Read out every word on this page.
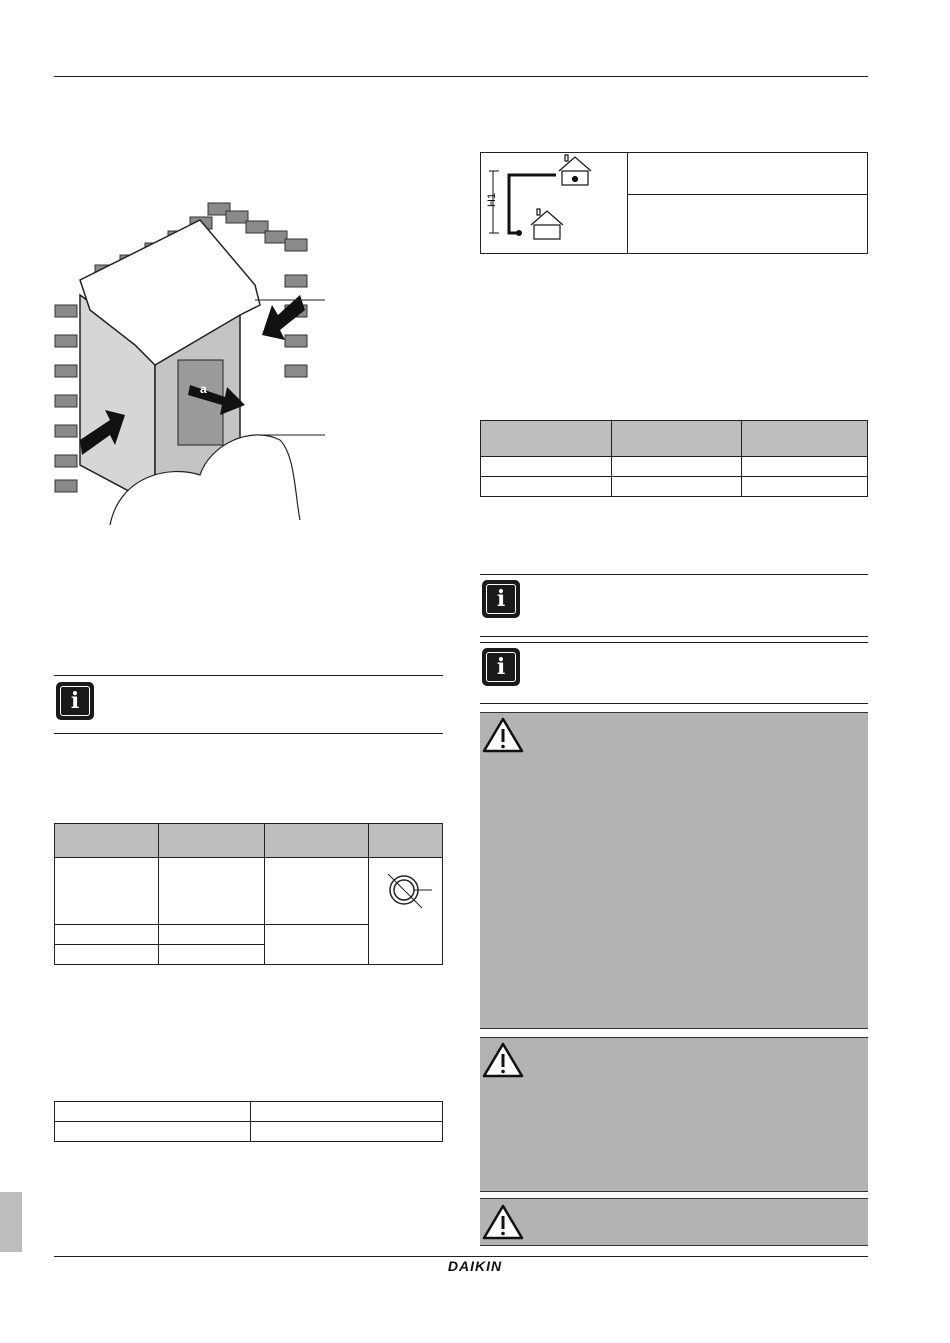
a
i

H1

i
i
DAIKIN
